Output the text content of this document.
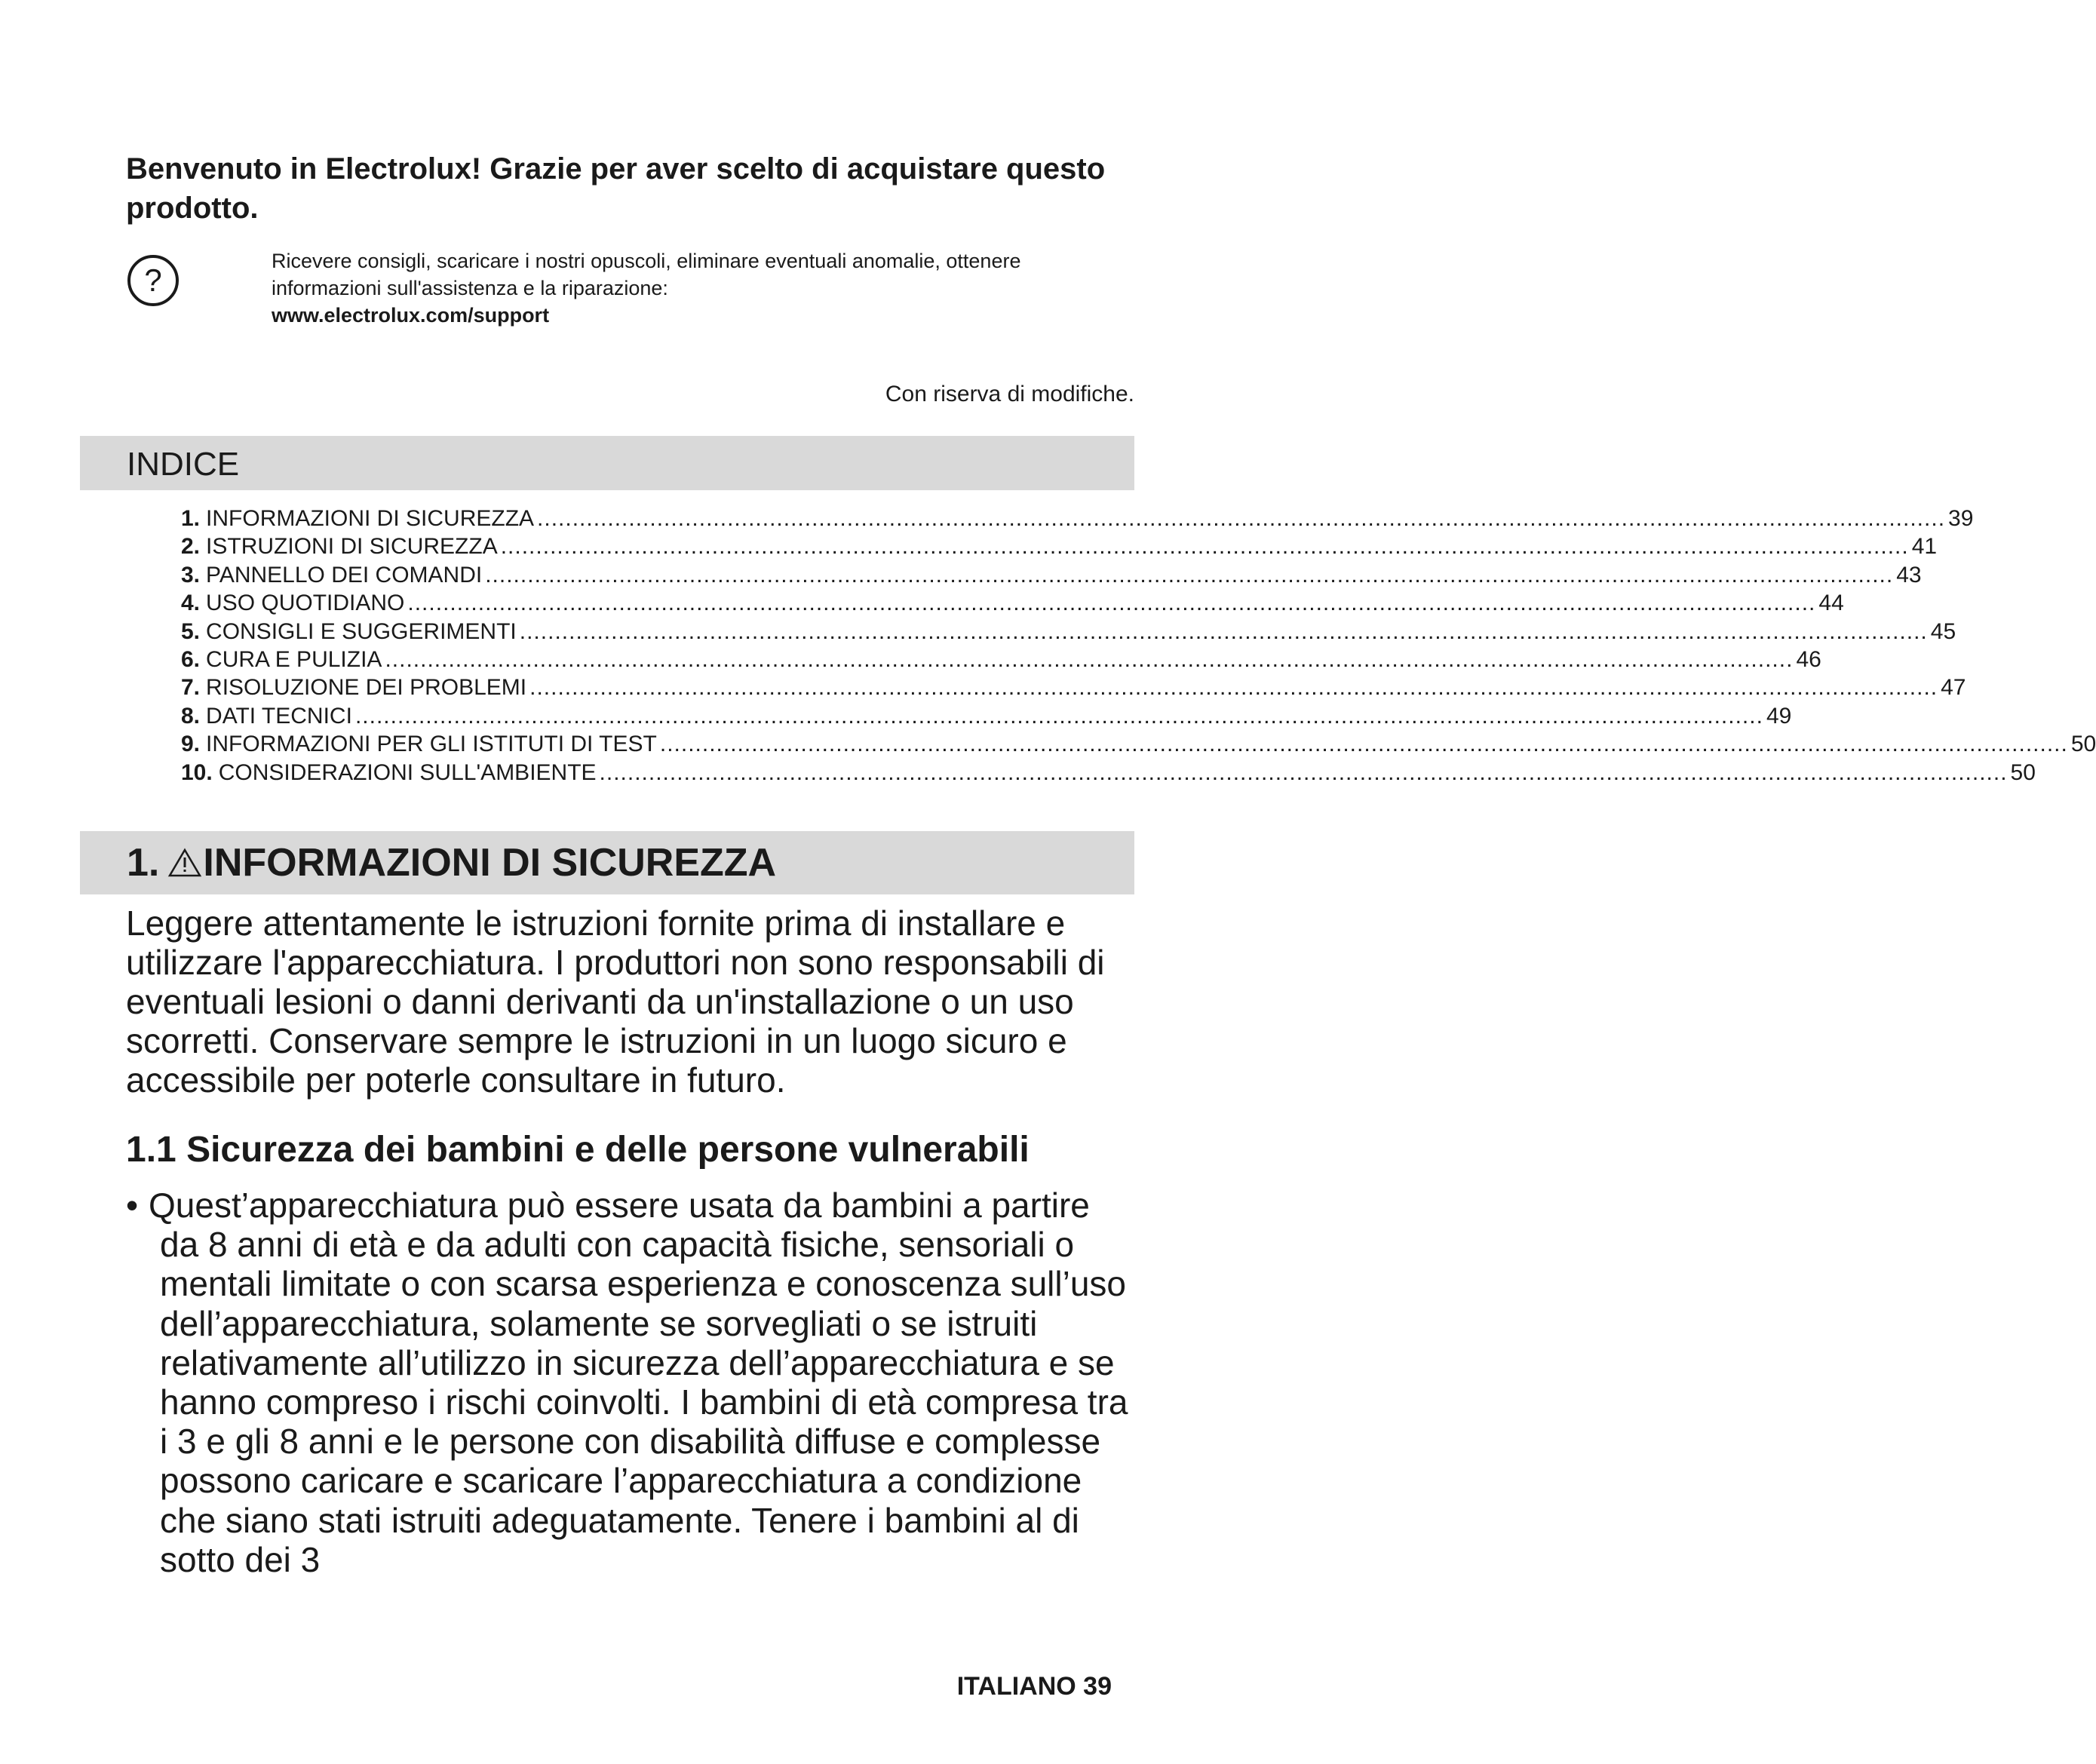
Benvenuto in Electrolux! Grazie per aver scelto di acquistare questo prodotto.
?
Ricevere consigli, scaricare i nostri opuscoli, eliminare eventuali anomalie, ottenere informazioni sull'assistenza e la riparazione:
www.electrolux.com/support
Con riserva di modifiche.
INDICE
1. INFORMAZIONI DI SICUREZZA ........................................................................................................................................................................................................ 39
2. ISTRUZIONI DI SICUREZZA ........................................................................................................................................................................................................ 41
3. PANNELLO DEI COMANDI ........................................................................................................................................................................................................ 43
4. USO QUOTIDIANO ........................................................................................................................................................................................................ 44
5. CONSIGLI E SUGGERIMENTI ........................................................................................................................................................................................................ 45
6. CURA E PULIZIA ........................................................................................................................................................................................................ 46
7. RISOLUZIONE DEI PROBLEMI ........................................................................................................................................................................................................ 47
8. DATI TECNICI ........................................................................................................................................................................................................ 49
9. INFORMAZIONI PER GLI ISTITUTI DI TEST ........................................................................................................................................................................................................ 50
10. CONSIDERAZIONI SULL'AMBIENTE ........................................................................................................................................................................................................ 50
1. INFORMAZIONI DI SICUREZZA

Leggere attentamente le istruzioni fornite prima di installare e utilizzare l'apparecchiatura. I produttori non sono responsabili di eventuali lesioni o danni derivanti da un'installazione o un uso scorretti. Conservare sempre le istruzioni in un luogo sicuro e accessibile per poterle consultare in futuro.

1.1 Sicurezza dei bambini e delle persone vulnerabili
• Quest’apparecchiatura può essere usata da bambini a partire da 8 anni di età e da adulti con capacità fisiche, sensoriali o mentali limitate o con scarsa esperienza e conoscenza sull’uso dell’apparecchiatura, solamente se sorvegliati o se istruiti relativamente all’utilizzo in sicurezza dell’apparecchiatura e se hanno compreso i rischi coinvolti. I bambini di età compresa tra i 3 e gli 8 anni e le persone con disabilità diffuse e complesse possono caricare e scaricare l’apparecchiatura a condizione che siano stati istruiti adeguatamente. Tenere i bambini al di sotto dei 3

ITALIANO 39
